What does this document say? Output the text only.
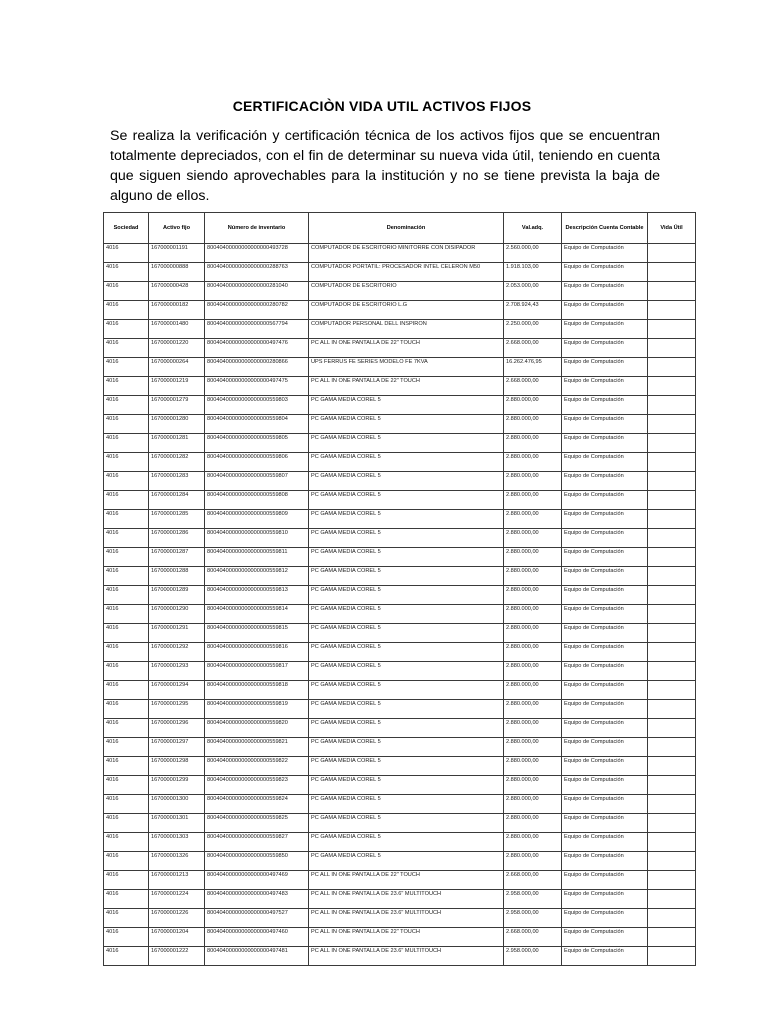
CERTIFICACIÒN VIDA UTIL ACTIVOS FIJOS
Se realiza la verificación y certificación técnica de los activos fijos que se encuentran totalmente depreciados, con el fin de determinar su nueva vida útil, teniendo en cuenta que siguen siendo aprovechables para la institución y no se tiene prevista la baja de alguno de ellos.
Sociedad	Activo fijo	Número de inventario	Denominación	Val.adq.	Descripción Cuenta Contable	Vida Útil
4016	167000001191	80040400000000000000493728	COMPUTADOR DE ESCRITORIO MINITORRE CON DISIPADOR	2.560.000,00	Equipo de Computación	
4016	167000000888	80040400000000000000288763	COMPUTADOR PORTATIL: PROCESADOR INTEL CELERON M50	1.918.103,00	Equipo de Computación	
4016	167000000428	80040400000000000000281040	COMPUTADOR DE ESCRITORIO	2.053.000,00	Equipo de Computación	
4016	167000000182	80040400000000000000280782	COMPUTADOR DE ESCRITORIO L.G	2.708.924,43	Equipo de Computación	
4016	167000001480	80040400000000000000567794	COMPUTADOR PERSONAL DELL INSPIRON	2.250.000,00	Equipo de Computación	
4016	167000001220	80040400000000000000497476	PC ALL IN ONE PANTALLA DE 22" TOUCH	2.668.000,00	Equipo de Computación	
4016	167000000264	80040400000000000000280866	UPS FERRUS FE SERIES MODELO FE 7KVA	16.262.476,95	Equipo de Computación	
4016	167000001219	80040400000000000000497475	PC ALL IN ONE PANTALLA DE 22" TOUCH	2.668.000,00	Equipo de Computación	
4016	167000001279	80040400000000000000559803	PC GAMA MEDIA COREL 5	2.880.000,00	Equipo de Computación	
4016	167000001280	80040400000000000000559804	PC GAMA MEDIA COREL 5	2.880.000,00	Equipo de Computación	
4016	167000001281	80040400000000000000559805	PC GAMA MEDIA COREL 5	2.880.000,00	Equipo de Computación	
4016	167000001282	80040400000000000000559806	PC GAMA MEDIA COREL 5	2.880.000,00	Equipo de Computación	
4016	167000001283	80040400000000000000559807	PC GAMA MEDIA COREL 5	2.880.000,00	Equipo de Computación	
4016	167000001284	80040400000000000000559808	PC GAMA MEDIA COREL 5	2.880.000,00	Equipo de Computación	
4016	167000001285	80040400000000000000559809	PC GAMA MEDIA COREL 5	2.880.000,00	Equipo de Computación	
4016	167000001286	80040400000000000000559810	PC GAMA MEDIA COREL 5	2.880.000,00	Equipo de Computación	
4016	167000001287	8004040000000000000055981​1	PC GAMA MEDIA COREL 5	2.880.000,00	Equipo de Computación	
4016	167000001288	80040400000000000000559812	PC GAMA MEDIA COREL 5	2.880.000,00	Equipo de Computación	
4016	167000001289	80040400000000000000559813	PC GAMA MEDIA COREL 5	2.880.000,00	Equipo de Computación	
4016	167000001290	80040400000000000000559814	PC GAMA MEDIA COREL 5	2.880.000,00	Equipo de Computación	
4016	167000001291	80040400000000000000559815	PC GAMA MEDIA COREL 5	2.880.000,00	Equipo de Computación	
4016	167000001292	80040400000000000000559816	PC GAMA MEDIA COREL 5	2.880.000,00	Equipo de Computación	
4016	167000001293	80040400000000000000559817	PC GAMA MEDIA COREL 5	2.880.000,00	Equipo de Computación	
4016	167000001294	80040400000000000000559818	PC GAMA MEDIA COREL 5	2.880.000,00	Equipo de Computación	
4016	167000001295	80040400000000000000559819	PC GAMA MEDIA COREL 5	2.880.000,00	Equipo de Computación	
4016	167000001296	80040400000000000000559820	PC GAMA MEDIA COREL 5	2.880.000,00	Equipo de Computación	
4016	167000001297	80040400000000000000559821	PC GAMA MEDIA COREL 5	2.880.000,00	Equipo de Computación	
4016	167000001298	80040400000000000000559822	PC GAMA MEDIA COREL 5	2.880.000,00	Equipo de Computación	
4016	167000001299	80040400000000000000559823	PC GAMA MEDIA COREL 5	2.880.000,00	Equipo de Computación	
4016	167000001300	80040400000000000000559824	PC GAMA MEDIA COREL 5	2.880.000,00	Equipo de Computación	
4016	167000001301	80040400000000000000559825	PC GAMA MEDIA COREL 5	2.880.000,00	Equipo de Computación	
4016	167000001303	80040400000000000000559827	PC GAMA MEDIA COREL 5	2.880.000,00	Equipo de Computación	
4016	167000001326	80040400000000000000559850	PC GAMA MEDIA COREL 5	2.880.000,00	Equipo de Computación	
4016	167000001213	80040400000000000000497469	PC ALL IN ONE PANTALLA DE 22" TOUCH	2.668.000,00	Equipo de Computación	
4016	167000001224	80040400000000000000497483	PC ALL IN ONE PANTALLA DE 23.6" MULTITOUCH	2.958.000,00	Equipo de Computación	
4016	167000001226	80040400000000000000497527	PC ALL IN ONE PANTALLA DE 23.6" MULTITOUCH	2.958.000,00	Equipo de Computación	
4016	167000001204	80040400000000000000497460	PC ALL IN ONE PANTALLA DE 22" TOUCH	2.668.000,00	Equipo de Computación	
4016	167000001222	80040400000000000000497481	PC ALL IN ONE PANTALLA DE 23.6" MULTITOUCH	2.958.000,00	Equipo de Computación	
